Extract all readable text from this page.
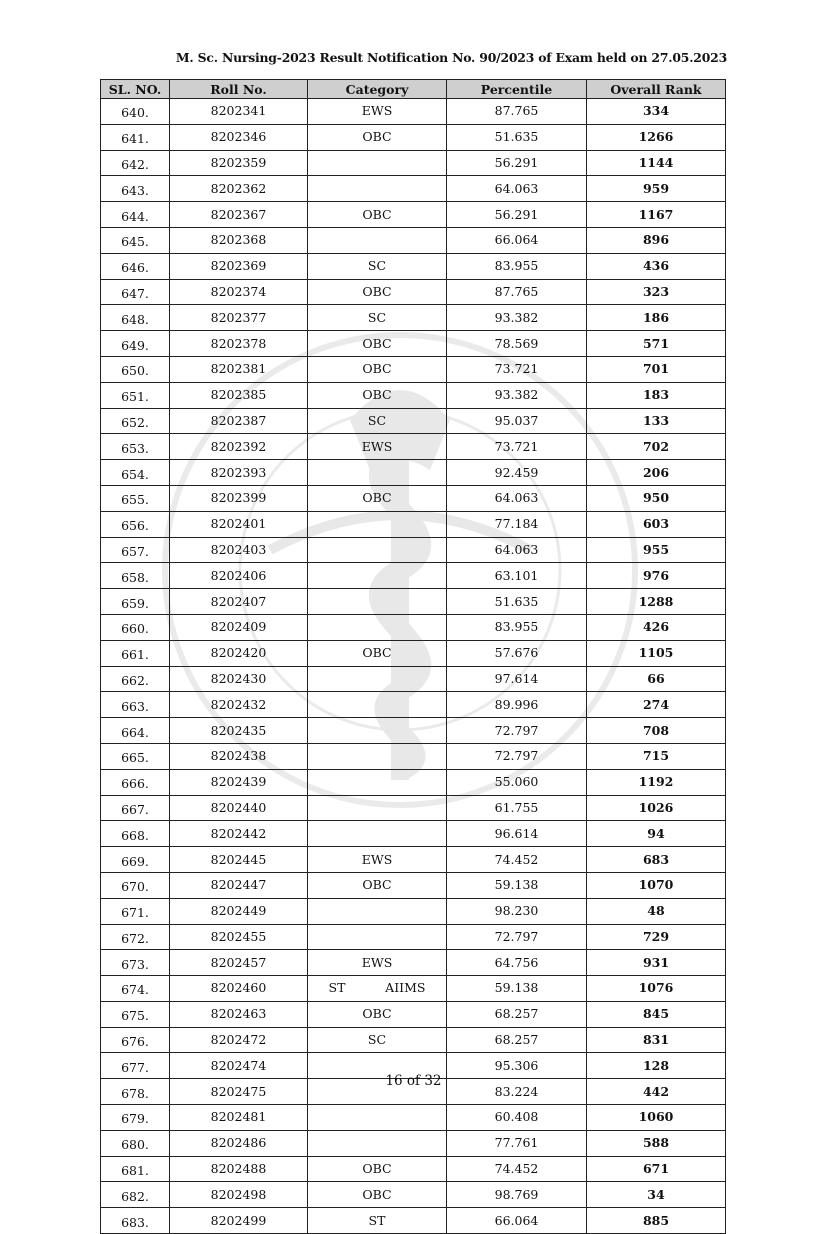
M. Sc. Nursing-2023 Result Notification No. 90/2023 of Exam held on 27.05.2023
SL. NO.	Roll No.	Category	Percentile	Overall Rank
640.	8202341	EWS	87.765	334
641.	8202346	OBC	51.635	1266
642.	8202359		56.291	1144
643.	8202362		64.063	959
644.	8202367	OBC	56.291	1167
645.	8202368		66.064	896
646.	8202369	SC	83.955	436
647.	8202374	OBC	87.765	323
648.	8202377	SC	93.382	186
649.	8202378	OBC	78.569	571
650.	8202381	OBC	73.721	701
651.	8202385	OBC	93.382	183
652.	8202387	SC	95.037	133
653.	8202392	EWS	73.721	702
654.	8202393		92.459	206
655.	8202399	OBC	64.063	950
656.	8202401		77.184	603
657.	8202403		64.063	955
658.	8202406		63.101	976
659.	8202407		51.635	1288
660.	8202409		83.955	426
661.	8202420	OBC	57.676	1105
662.	8202430		97.614	66
663.	8202432		89.996	274
664.	8202435		72.797	708
665.	8202438		72.797	715
666.	8202439		55.060	1192
667.	8202440		61.755	1026
668.	8202442		96.614	94
669.	8202445	EWS	74.452	683
670.	8202447	OBC	59.138	1070
671.	8202449		98.230	48
672.	8202455		72.797	729
673.	8202457	EWS	64.756	931
674.	8202460	ST          AIIMS	59.138	1076
675.	8202463	OBC	68.257	845
676.	8202472	SC	68.257	831
677.	8202474		95.306	128
678.	8202475		83.224	442
679.	8202481		60.408	1060
680.	8202486		77.761	588
681.	8202488	OBC	74.452	671
682.	8202498	OBC	98.769	34
683.	8202499	ST	66.064	885
16 of 32
